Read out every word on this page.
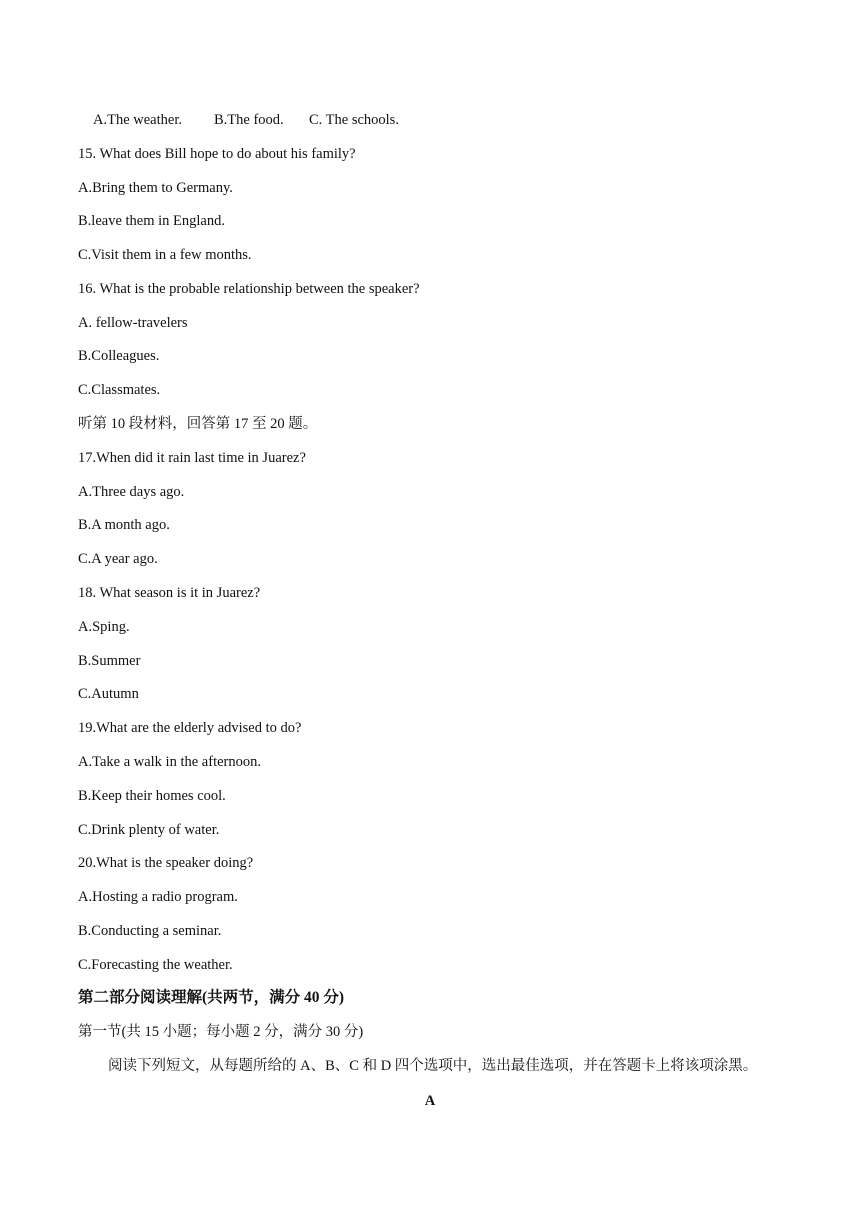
A.The weather. B.The food. C. The schools.
15. What does Bill hope to do about his family?
A.Bring them to Germany.
B.leave them in England.
C.Visit them in a few months.
16. What is the probable relationship between the speaker?
A. fellow-travelers
B.Colleagues.
C.Classmates.
听第 10 段材料，回答第 17 至 20 题。
17.When did it rain last time in Juarez?
A.Three days ago.
B.A month ago.
C.A year ago.
18. What season is it in Juarez?
A.Sping.
B.Summer
C.Autumn
19.What are the elderly advised to do?
A.Take a walk in the afternoon.
B.Keep their homes cool.
C.Drink plenty of water.
20.What is the speaker doing?
A.Hosting a radio program.
B.Conducting a seminar.
C.Forecasting the weather.
第二部分阅读理解(共两节，满分 40 分)
第一节(共 15 小题；每小题 2 分，满分 30 分)
阅读下列短文，从每题所给的 A、B、C 和 D 四个选项中，选出最佳选项，并在答题卡上将该项涂黑。
A
